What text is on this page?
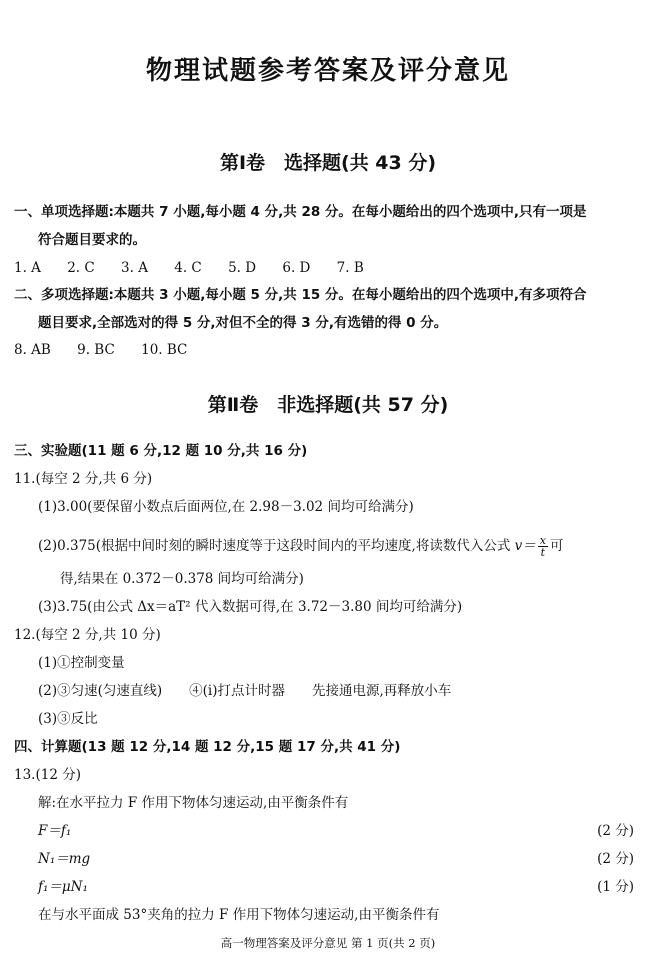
物理试题参考答案及评分意见
第Ⅰ卷　选择题(共 43 分)
一、单项选择题:本题共 7 小题,每小题 4 分,共 28 分。在每小题给出的四个选项中,只有一项是
符合题目要求的。
1. A 2. C 3. A 4. C 5. D 6. D 7. B
二、多项选择题:本题共 3 小题,每小题 5 分,共 15 分。在每小题给出的四个选项中,有多项符合
题目要求,全部选对的得 5 分,对但不全的得 3 分,有选错的得 0 分。
8. AB 9. BC 10. BC
第Ⅱ卷　非选择题(共 57 分)
三、实验题(11 题 6 分,12 题 10 分,共 16 分)
11.(每空 2 分,共 6 分)
(1)3.00(要保留小数点后面两位,在 2.98－3.02 间均可给满分)
(2)0.375(根据中间时刻的瞬时速度等于这段时间内的平均速度,将读数代入公式 $v= \frac{x}{t}$ 可
得,结果在 0.372－0.378 间均可给满分)
(3)3.75(由公式 Δx＝aT² 代入数据可得,在 3.72－3.80 间均可给满分)
12.(每空 2 分,共 10 分)
(1)①控制变量
(2)③匀速(匀速直线)　　④(ⅰ)打点计时器　　先接通电源,再释放小车
(3)③反比
四、计算题(13 题 12 分,14 题 12 分,15 题 17 分,共 41 分)
13.(12 分)
解:在水平拉力 F 作用下物体匀速运动,由平衡条件有
F＝f₁	(2 分)
N₁＝mg	(2 分)
f₁＝μN₁	(1 分)
在与水平面成 53°夹角的拉力 F 作用下物体匀速运动,由平衡条件有
高一物理答案及评分意见 第 1 页(共 2 页)
